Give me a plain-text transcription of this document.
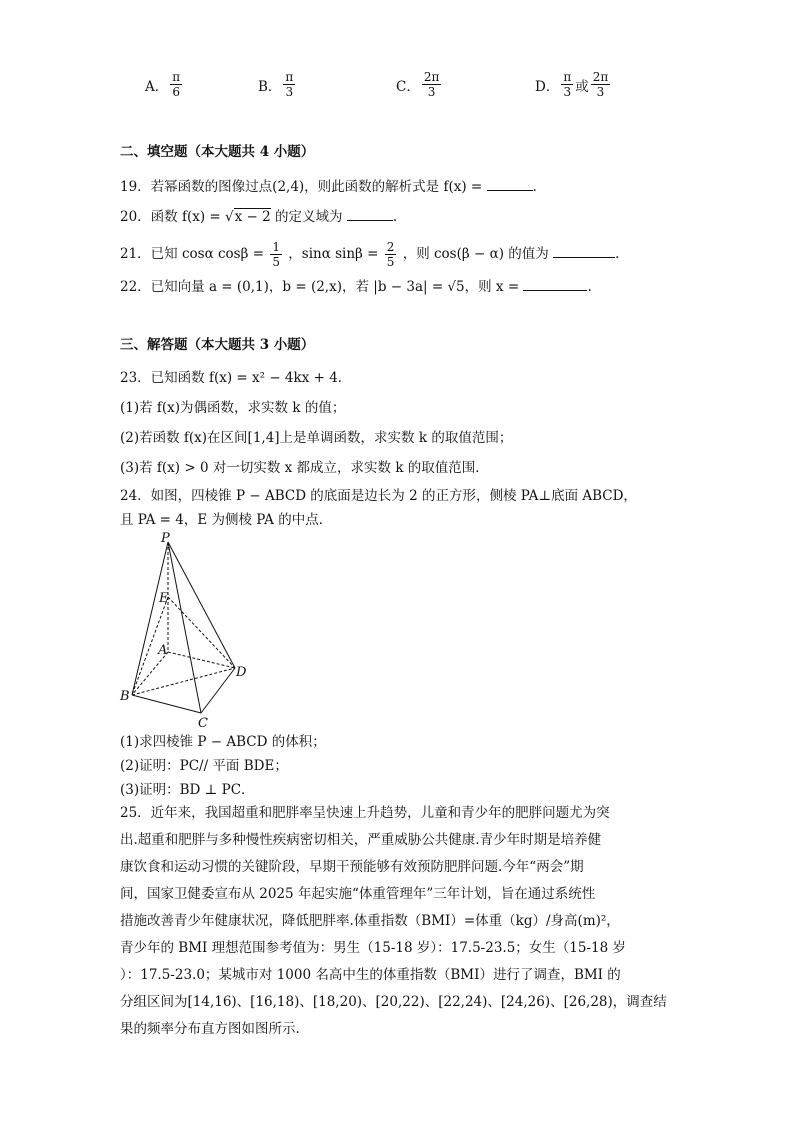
A． $\frac{\pi}{6}$	B． $\frac{\pi}{3}$	C． $\frac{2\pi}{3}$	D． $\frac{\pi}{3}$ 或 $\frac{2\pi}{3}$
二、填空题（本大题共 4 小题）
19．若幂函数的图像过点(2,4)，则此函数的解析式是 f(x) =	.
20．函数 f(x) = √x − 2 的定义域为	.
21．已知 cosα $\cos\beta = \frac{1}{5}$ ，sinα $\sin\beta = \frac{2}{5}$ ，则 cos(β − α) 的值为	.
22．已知向量 a = (0,1)，b = (2,x)，若 |b − 3a| = √5，则 x =	.
三、解答题（本大题共 3 小题）
23．已知函数 f(x) = x² − 4kx + 4．
(1)若 f(x)为偶函数，求实数 k 的值；
(2)若函数 f(x)在区间[1,4]上是单调函数，求实数 k 的取值范围；
(3)若 f(x) > 0 对一切实数 x 都成立，求实数 k 的取值范围．
24．如图，四棱锥 P − ABCD 的底面是边长为 2 的正方形，侧棱 PA⊥底面 ABCD，
且 PA = 4，E 为侧棱 PA 的中点．
P
E
A
B
C
D
(1)求四棱锥 P − ABCD 的体积；
(2)证明：PC// 平面 BDE；
(3)证明：BD ⊥ PC．
25．近年来，我国超重和肥胖率呈快速上升趋势，儿童和青少年的肥胖问题尤为突
出.超重和肥胖与多种慢性疾病密切相关，严重威胁公共健康.青少年时期是培养健
康饮食和运动习惯的关键阶段，早期干预能够有效预防肥胖问题.今年“两会”期
间，国家卫健委宣布从 2025 年起实施“体重管理年”三年计划，旨在通过系统性
措施改善青少年健康状况，降低肥胖率.体重指数（BMI）=体重（kg）/身高(m)²，
青少年的 BMI 理想范围参考值为：男生（15-18 岁）：17.5-23.5；女生（15-18 岁
）：17.5-23.0；某城市对 1000 名高中生的体重指数（BMI）进行了调查，BMI 的
分组区间为[14,16)、[16,18)、[18,20)、[20,22)、[22,24)、[24,26)、[26,28)，调查结
果的频率分布直方图如图所示.
